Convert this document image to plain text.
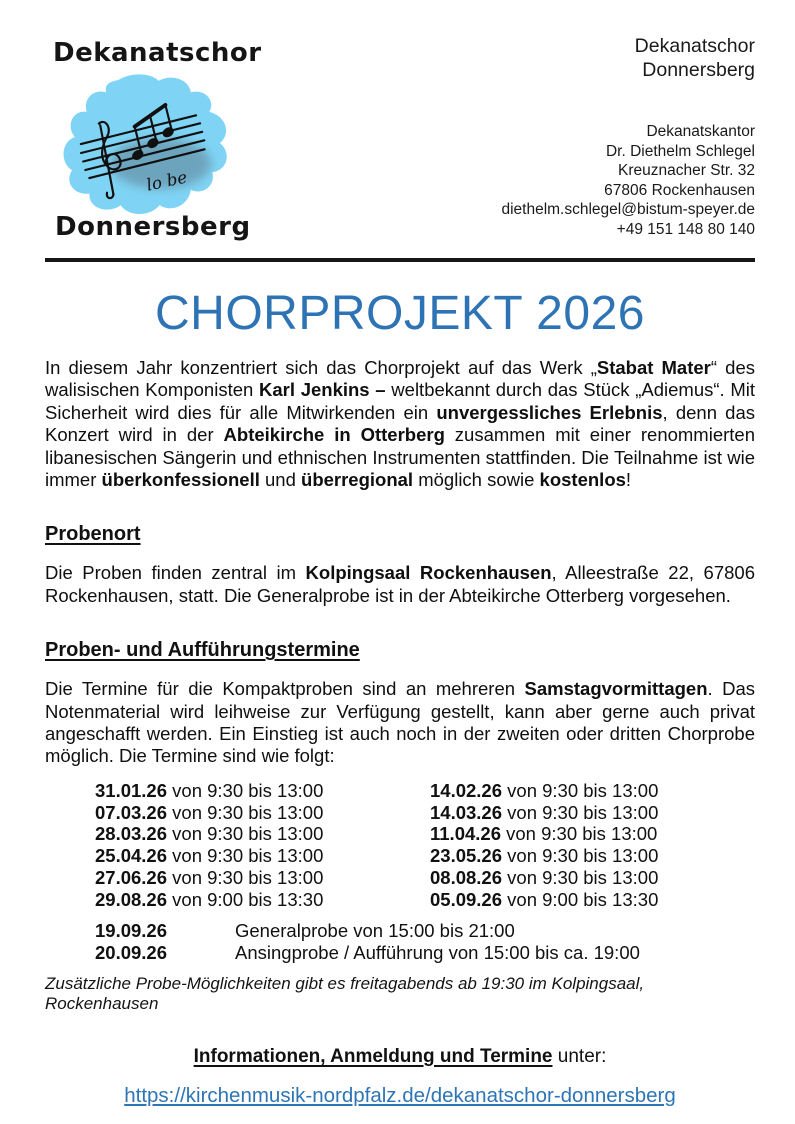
Dekanatschor
lo be
Donnersberg
Dekanatschor
Donnersberg
Dekanatskantor
Dr. Diethelm Schlegel
Kreuznacher Str. 32
67806 Rockenhausen
diethelm.schlegel@bistum-speyer.de
+49 151 148 80 140
CHORPROJEKT 2026

In diesem Jahr konzentriert sich das Chorprojekt auf das Werk „Stabat Mater“ des walisischen Komponisten Karl Jenkins – weltbekannt durch das Stück „Adiemus“. Mit Sicherheit wird dies für alle Mitwirkenden ein unvergessliches Erlebnis, denn das Konzert wird in der Abteikirche in Otterberg zusammen mit einer renommierten libanesischen Sängerin und ethnischen Instrumenten stattfinden. Die Teilnahme ist wie immer überkonfessionell und überregional möglich sowie kostenlos!

Probenort

Die Proben finden zentral im Kolpingsaal Rockenhausen, Alleestraße 22, 67806 Rockenhausen, statt. Die Generalprobe ist in der Abteikirche Otterberg vorgesehen.

Proben- und Aufführungstermine

Die Termine für die Kompaktproben sind an mehreren Samstagvormittagen. Das Notenmaterial wird leihweise zur Verfügung gestellt, kann aber gerne auch privat angeschafft werden. Ein Einstieg ist auch noch in der zweiten oder dritten Chorprobe möglich. Die Termine sind wie folgt:

31.01.26 von 9:30 bis 13:00	14.02.26 von 9:30 bis 13:00
07.03.26 von 9:30 bis 13:00	14.03.26 von 9:30 bis 13:00
28.03.26 von 9:30 bis 13:00	11.04.26 von 9:30 bis 13:00
25.04.26 von 9:30 bis 13:00	23.05.26 von 9:30 bis 13:00
27.06.26 von 9:30 bis 13:00	08.08.26 von 9:30 bis 13:00
29.08.26 von 9:00 bis 13:30	05.09.26 von 9:00 bis 13:30
19.09.26	Generalprobe von 15:00 bis 21:00
20.09.26	Ansingprobe / Aufführung von 15:00 bis ca. 19:00
Zusätzliche Probe-Möglichkeiten gibt es freitagabends ab 19:30 im Kolpingsaal, Rockenhausen
Informationen, Anmeldung und Termine unter:
https://kirchenmusik-nordpfalz.de/dekanatschor-donnersberg
